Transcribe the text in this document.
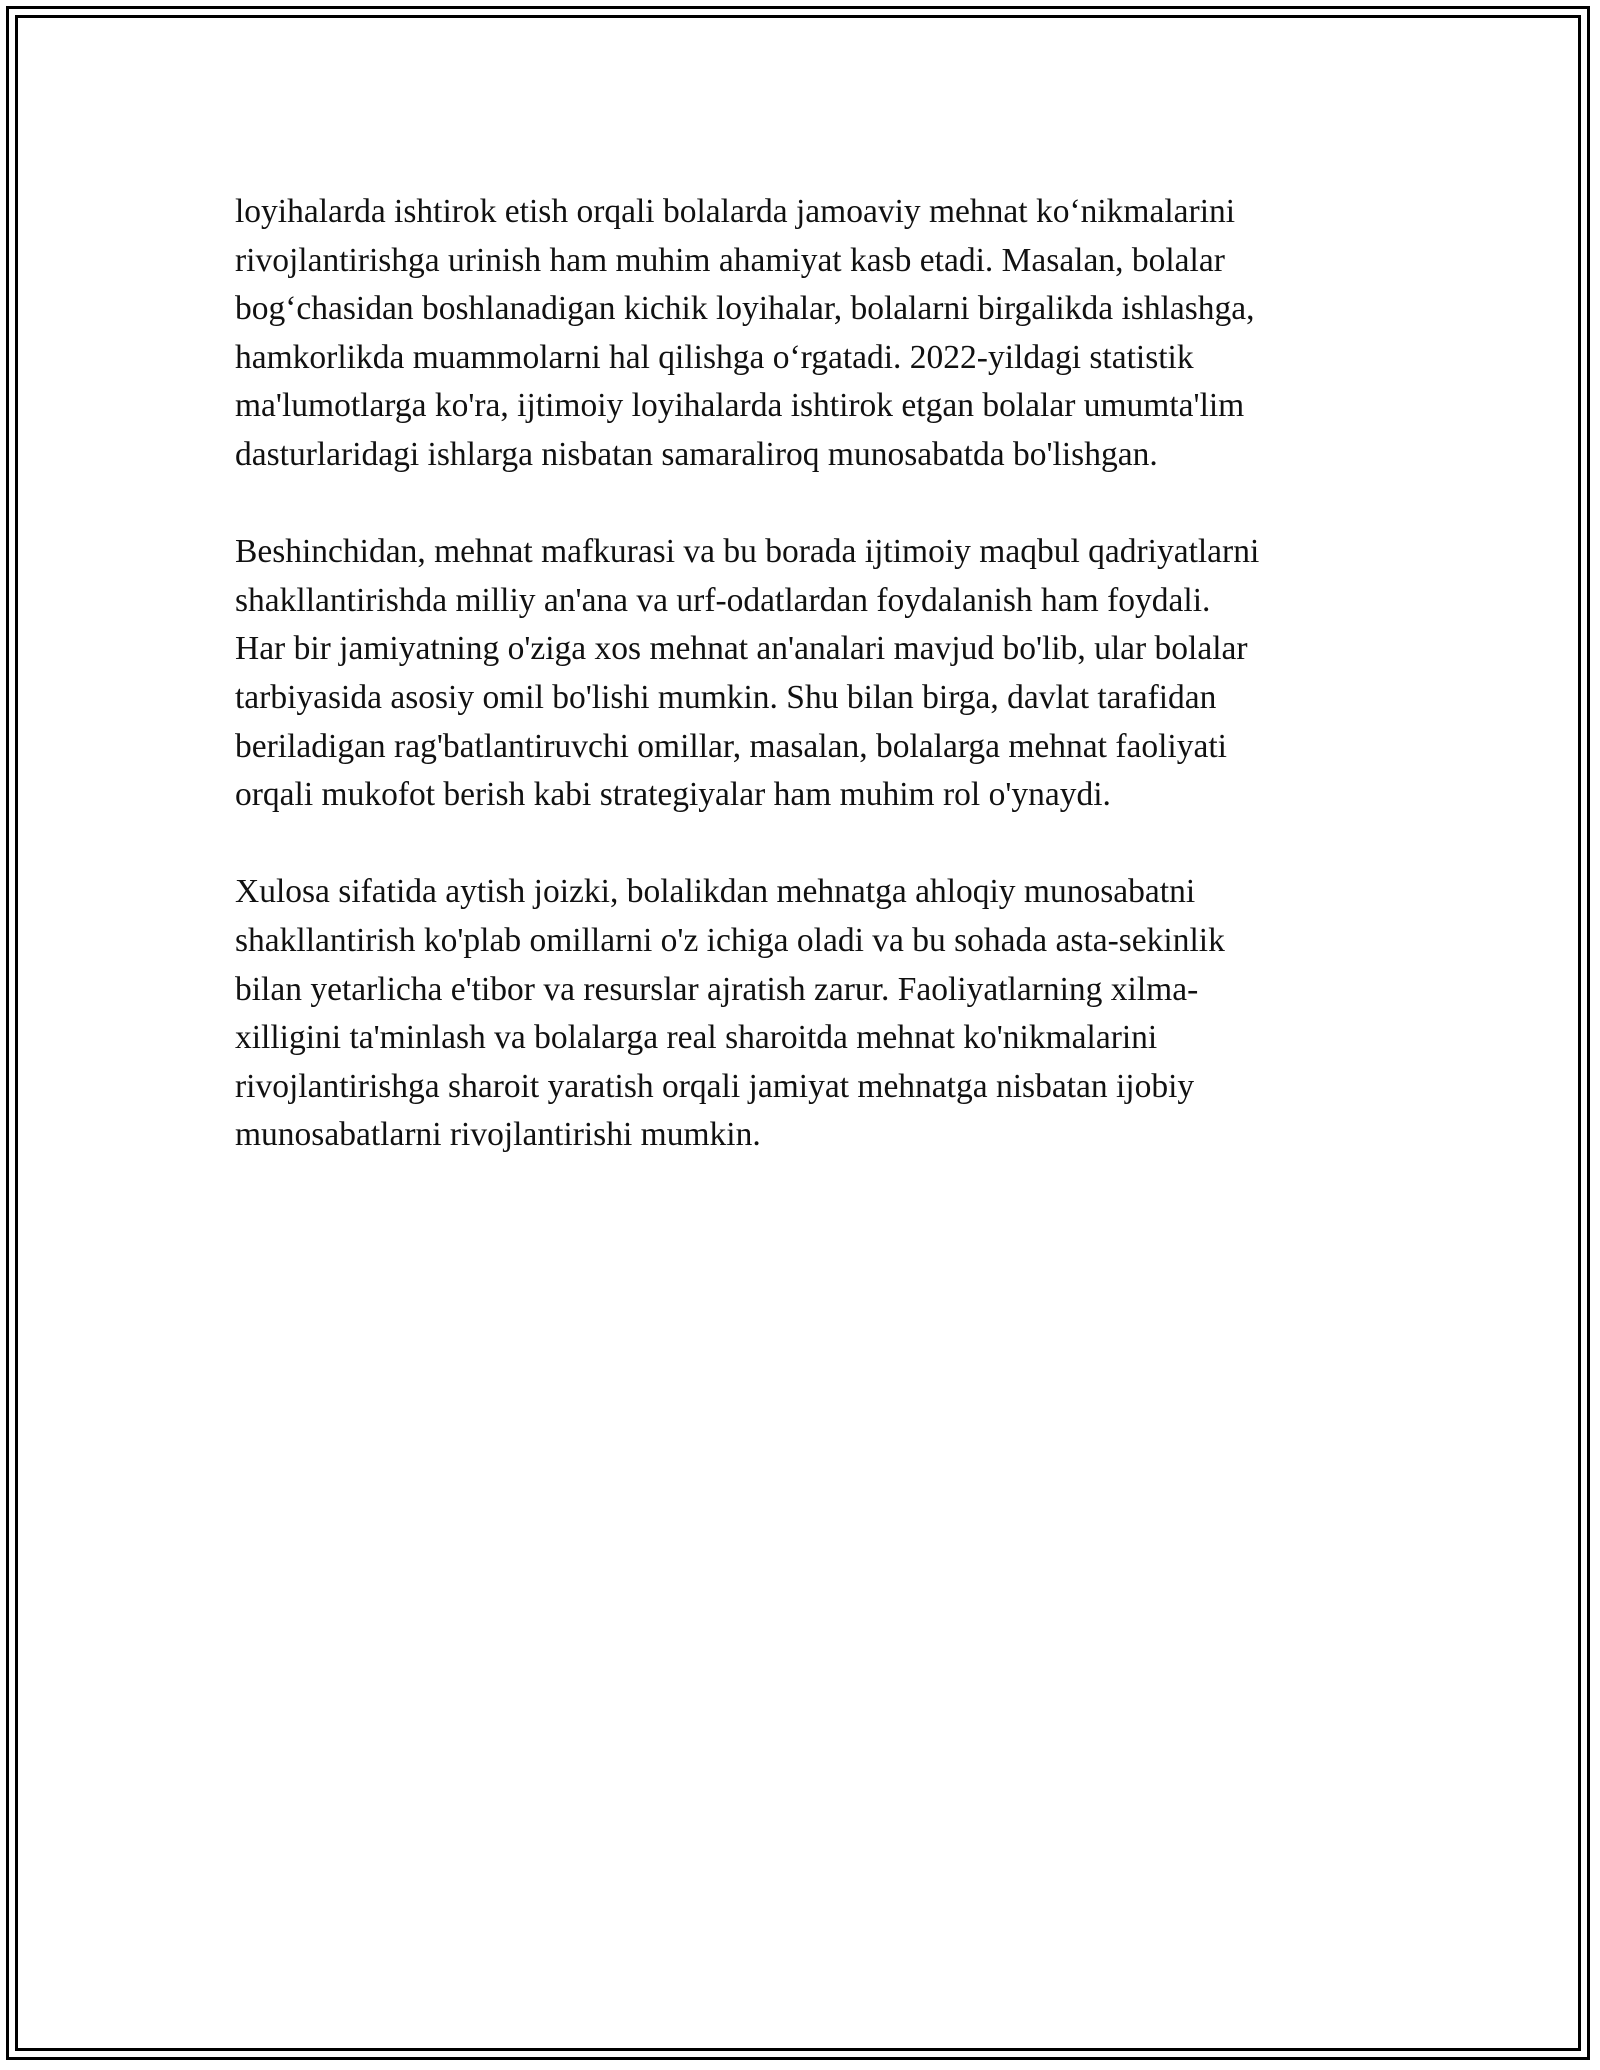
loyihalarda ishtirok etish orqali bolalarda jamoaviy mehnat ko‘nikmalarini
rivojlantirishga urinish ham muhim ahamiyat kasb etadi. Masalan, bolalar
bog‘chasidan boshlanadigan kichik loyihalar, bolalarni birgalikda ishlashga,
hamkorlikda muammolarni hal qilishga o‘rgatadi. 2022-yildagi statistik
ma'lumotlarga ko'ra, ijtimoiy loyihalarda ishtirok etgan bolalar umumta'lim
dasturlaridagi ishlarga nisbatan samaraliroq munosabatda bo'lishgan.

Beshinchidan, mehnat mafkurasi va bu borada ijtimoiy maqbul qadriyatlarni
shakllantirishda milliy an'ana va urf-odatlardan foydalanish ham foydali.
Har bir jamiyatning o'ziga xos mehnat an'analari mavjud bo'lib, ular bolalar
tarbiyasida asosiy omil bo'lishi mumkin. Shu bilan birga, davlat tarafidan
beriladigan rag'batlantiruvchi omillar, masalan, bolalarga mehnat faoliyati
orqali mukofot berish kabi strategiyalar ham muhim rol o'ynaydi.

Xulosa sifatida aytish joizki, bolalikdan mehnatga ahloqiy munosabatni
shakllantirish ko'plab omillarni o'z ichiga oladi va bu sohada asta-sekinlik
bilan yetarlicha e'tibor va resurslar ajratish zarur. Faoliyatlarning xilma-
xilligini ta'minlash va bolalarga real sharoitda mehnat ko'nikmalarini
rivojlantirishga sharoit yaratish orqali jamiyat mehnatga nisbatan ijobiy
munosabatlarni rivojlantirishi mumkin.
